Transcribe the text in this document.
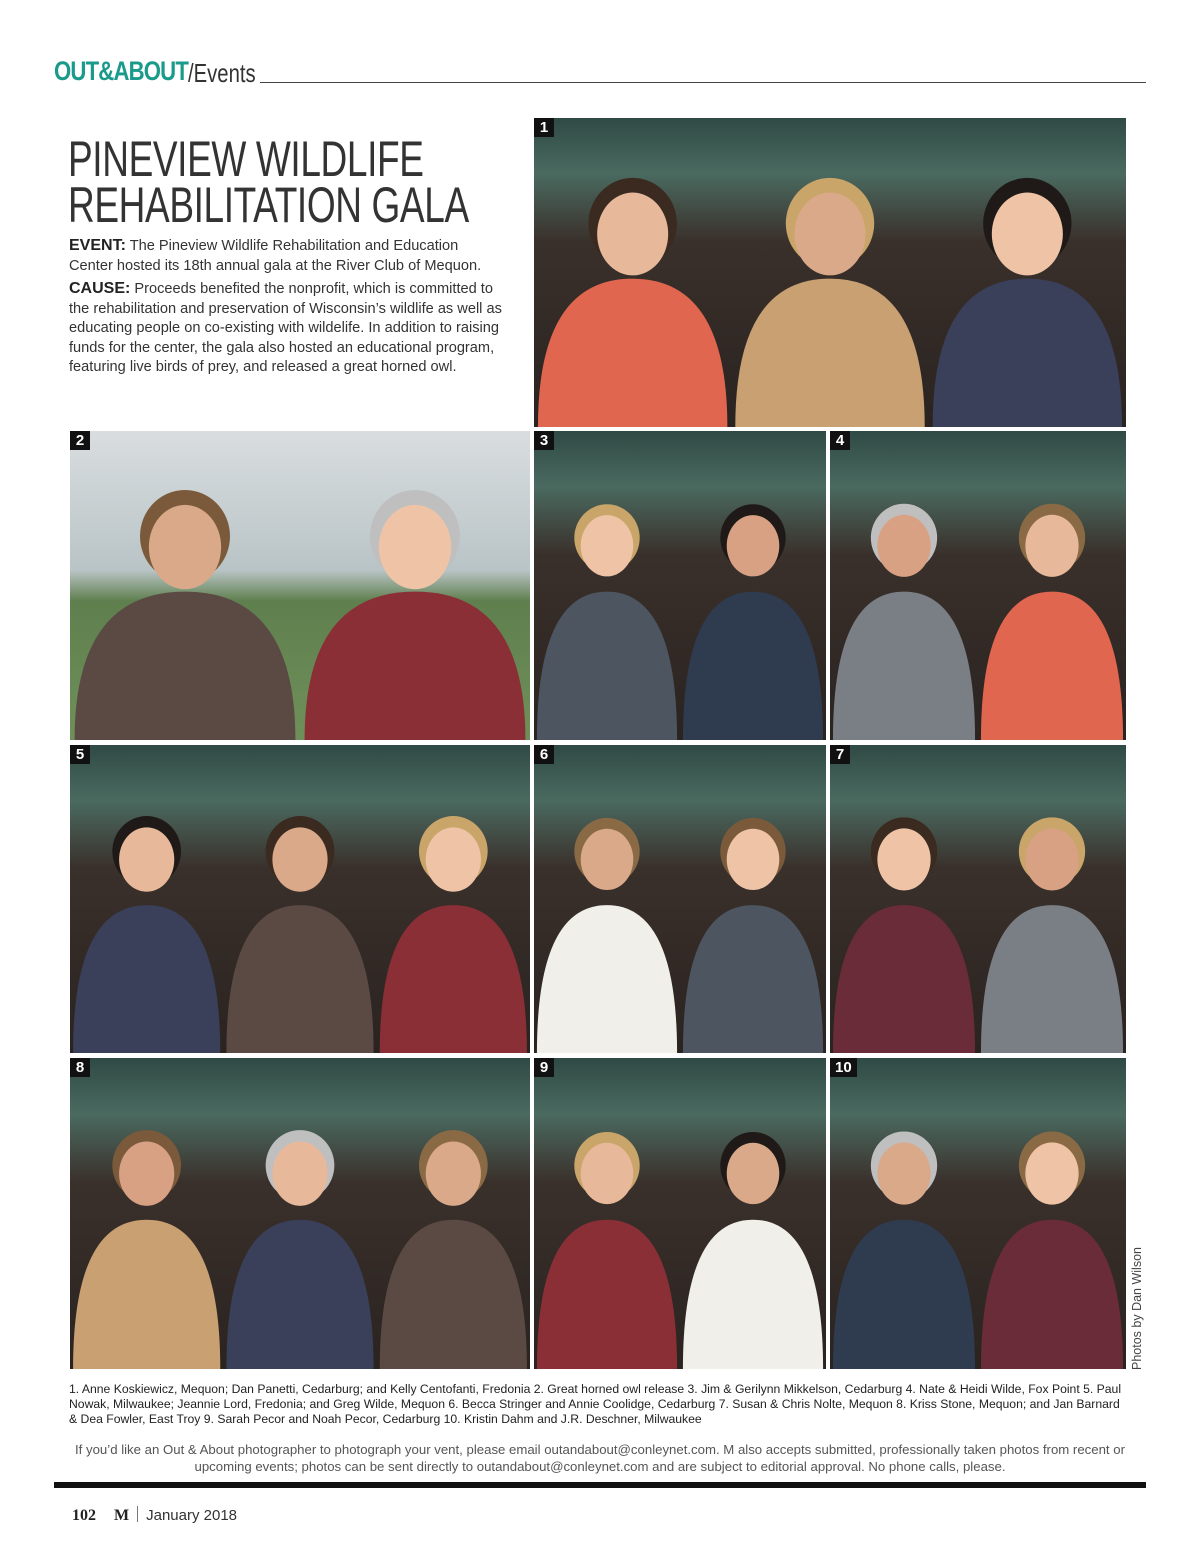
OUT&ABOUT /Events
PINEVIEW WILDLIFE REHABILITATION GALA

EVENT: The Pineview Wildlife Rehabilitation and Education Center hosted its 18th annual gala at the River Club of Mequon.

CAUSE: Proceeds benefited the nonprofit, which is committed to the rehabilitation and preservation of Wisconsin’s wildlife as well as educating people on co-existing with wildelife. In addition to raising funds for the center, the gala also hosted an educational program, featuring live birds of prey, and released a great horned owl.

1
2	3	4
5	6	7
8	9	10
Photos by Dan Wilson
1. Anne Koskiewicz, Mequon; Dan Panetti, Cedarburg; and Kelly Centofanti, Fredonia 2. Great horned owl release 3. Jim & Gerilynn Mikkelson, Cedarburg 4. Nate & Heidi Wilde, Fox Point 5. Paul Nowak, Milwaukee; Jeannie Lord, Fredonia; and Greg Wilde, Mequon 6. Becca Stringer and Annie Coolidge, Cedarburg 7. Susan & Chris Nolte, Mequon 8. Kriss Stone, Mequon; and Jan Barnard & Dea Fowler, East Troy 9. Sarah Pecor and Noah Pecor, Cedarburg 10. Kristin Dahm and J.R. Deschner, Milwaukee
If you’d like an Out & About photographer to photograph your vent, please email outandabout@conleynet.com. M also accepts submitted, professionally taken photos from recent or upcoming events; photos can be sent directly to outandabout@conleynet.com and are subject to editorial approval. No phone calls, please.
102 M January 2018
